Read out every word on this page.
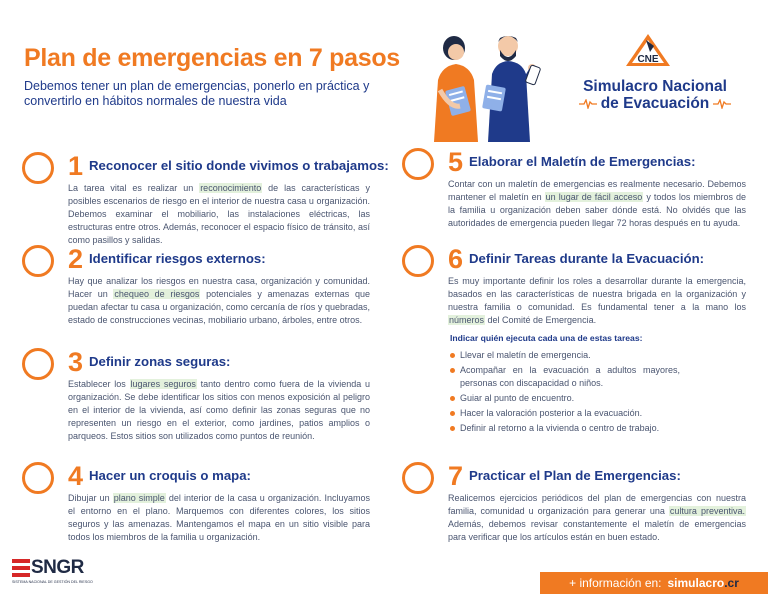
Plan de emergencias en 7 pasos
Debemos tener un plan de emergencias, ponerlo en práctica y convertirlo en hábitos normales de nuestra vida
CNE
Simulacro Nacional
de Evacuación
1 Reconocer el sitio donde vivimos o trabajamos:
La tarea vital es realizar un reconocimiento de las características y posibles escenarios de riesgo en el interior de nuestra casa u organización. Debemos examinar el mobiliario, las instalaciones eléctricas, las estructuras entre otros. Además, reconocer el espacio físico de tránsito, así como pasillos y salidas.
2 Identificar riesgos externos:
Hay que analizar los riesgos en nuestra casa, organización y comunidad. Hacer un chequeo de riesgos potenciales y amenazas externas que puedan afectar tu casa u organización, como cercanía de ríos y quebradas, estado de construcciones vecinas, mobiliario urbano, árboles, entre otros.
3 Definir zonas seguras:
Establecer los lugares seguros tanto dentro como fuera de la vivienda u organización. Se debe identificar los sitios con menos exposición al peligro en el interior de la vivienda, así como definir las zonas seguras que no representen un riesgo en el exterior, como jardines, patios amplios o parqueos. Estos sitios son utilizados como puntos de reunión.
4 Hacer un croquis o mapa:
Dibujar un plano simple del interior de la casa u organización. Incluyamos el entorno en el plano. Marquemos con diferentes colores, los sitios seguros y las amenazas. Mantengamos el mapa en un sitio visible para todos los miembros de la familia u organización.
5 Elaborar el Maletín de Emergencias:
Contar con un maletín de emergencias es realmente necesario. Debemos mantener el maletín en un lugar de fácil acceso y todos los miembros de la familia u organización deben saber dónde está. No olvidés que las autoridades de emergencia pueden llegar 72 horas después en tu ayuda.
6 Definir Tareas durante la Evacuación:
Es muy importante definir los roles a desarrollar durante la emergencia, basados en las características de nuestra brigada en la organización y nuestra familia o comunidad. Es fundamental tener a la mano los números del Comité de Emergencia.
Indicar quién ejecuta cada una de estas tareas:
Llevar el maletín de emergencia.
Acompañar en la evacuación a adultos mayores, personas con discapacidad o niños.
Guiar al punto de encuentro.
Hacer la valoración posterior a la evacuación.
Definir al retorno a la vivienda o centro de trabajo.
7 Practicar el Plan de Emergencias:
Realicemos ejercicios periódicos del plan de emergencias con nuestra familia, comunidad u organización para generar una cultura preventiva. Además, debemos revisar constantemente el maletín de emergencias para verificar que los artículos están en buen estado.
SNGR
SISTEMA NACIONAL DE GESTIÓN DEL RIESGO	+ información en: simulacro.cr
